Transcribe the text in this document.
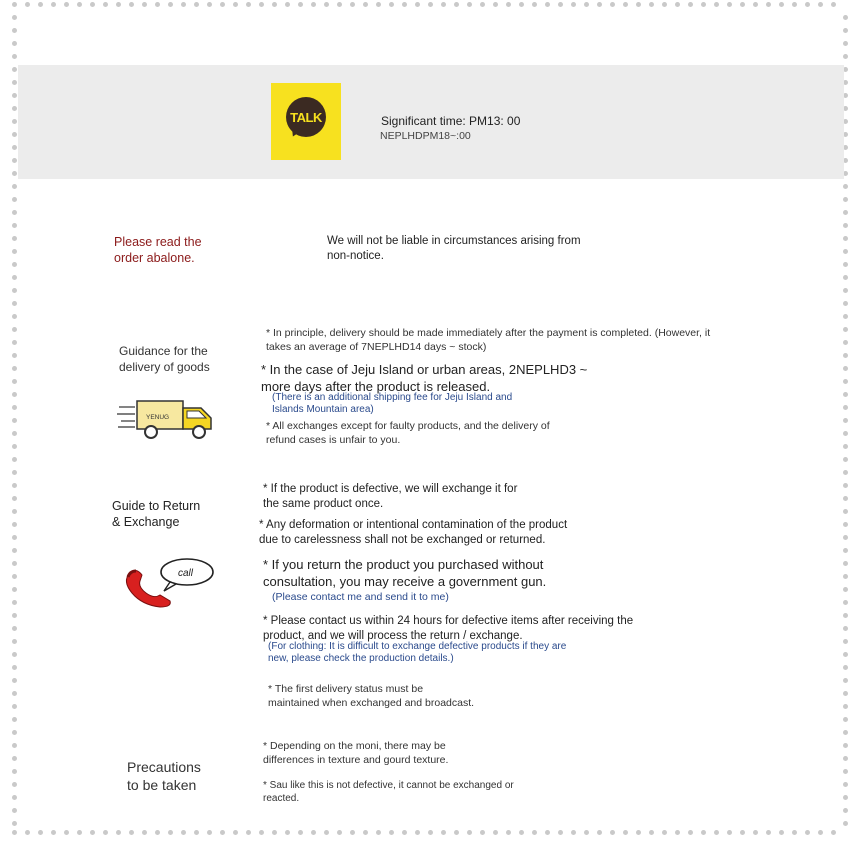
TALK	Significant time: PM13: 00
NEPLHDPM18~:00
Please read the
order abalone.
We will not be liable in circumstances arising from
non-notice.
Guidance for the
delivery of goods
* In principle, delivery should be made immediately after the payment is completed. (However, it
takes an average of 7NEPLHD14 days ~ stock)
* In the case of Jeju Island or urban areas, 2NEPLHD3 ~
more days after the product is released.
(There is an additional shipping fee for Jeju Island and
Islands Mountain area)
* All exchanges except for faulty products, and the delivery of
refund cases is unfair to you.
YENUG
Guide to Return
& Exchange
* If the product is defective, we will exchange it for
the same product once.
* Any deformation or intentional contamination of the product
due to carelessness shall not be exchanged or returned.
* If you return the product you purchased without
consultation, you may receive a government gun.
(Please contact me and send it to me)
* Please contact us within 24 hours for defective items after receiving the
product, and we will process the return / exchange.
(For clothing: It is difficult to exchange defective products if they are
new, please check the production details.)
* The first delivery status must be
maintained when exchanged and broadcast.
call
Precautions
to be taken
* Depending on the moni, there may be
differences in texture and gourd texture.
* Sau like this is not defective, it cannot be exchanged or
reacted.
